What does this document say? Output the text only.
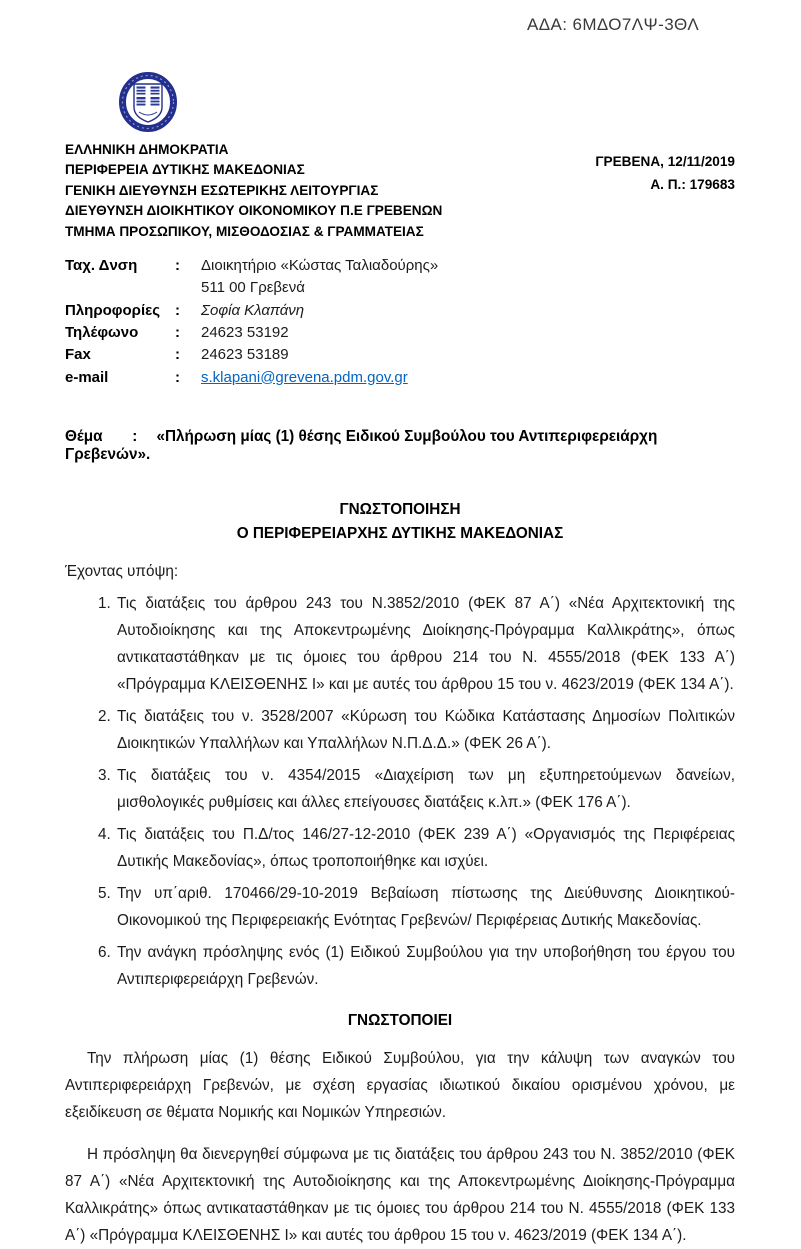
ΑΔΑ: 6ΜΔΟ7ΛΨ-3ΘΛ
ΕΛΛΗΝΙΚΗ ΔΗΜΟΚΡΑΤΙΑ
ΠΕΡΙΦΕΡΕΙΑ ΔΥΤΙΚΗΣ ΜΑΚΕΔΟΝΙΑΣ
ΓΕΝΙΚΗ ΔΙΕΥΘΥΝΣΗ ΕΣΩΤΕΡΙΚΗΣ ΛΕΙΤΟΥΡΓΙΑΣ
ΔΙΕΥΘΥΝΣΗ ΔΙΟΙΚΗΤΙΚΟΥ ΟΙΚΟΝΟΜΙΚΟΥ Π.Ε ΓΡΕΒΕΝΩΝ
ΤΜΗΜΑ ΠΡΟΣΩΠΙΚΟΥ, ΜΙΣΘΟΔΟΣΙΑΣ & ΓΡΑΜΜΑΤΕΙΑΣ
ΓΡΕΒΕΝΑ, 12/11/2019
Α. Π.: 179683
Ταχ. Δνση	:	Διοικητήριο «Κώστας Ταλιαδούρης»
511 00 Γρεβενά
Πληροφορίες :	Σοφία Κλαπάνη
Τηλέφωνο	:	24623 53192
Fax	:	24623 53189
e-mail	:	s.klapani@grevena.pdm.gov.gr
Θέμα : «Πλήρωση μίας (1) θέσης Ειδικού Συμβούλου του Αντιπεριφερειάρχη Γρεβενών».
ΓΝΩΣΤΟΠΟΙΗΣΗ
Ο ΠΕΡΙΦΕΡΕΙΑΡΧΗΣ ΔΥΤΙΚΗΣ ΜΑΚΕΔΟΝΙΑΣ
Έχοντας υπόψη:
1. Τις διατάξεις του άρθρου 243 του Ν.3852/2010 (ΦΕΚ 87 Α΄) «Νέα Αρχιτεκτονική της Αυτοδιοίκησης και της Αποκεντρωμένης Διοίκησης-Πρόγραμμα Καλλικράτης», όπως αντικαταστάθηκαν με τις όμοιες του άρθρου 214 του Ν. 4555/2018 (ΦΕΚ 133 Α΄) «Πρόγραμμα ΚΛΕΙΣΘΕΝΗΣ Ι» και με αυτές του άρθρου 15 του ν. 4623/2019 (ΦΕΚ 134 Α΄).
2. Τις διατάξεις του ν. 3528/2007 «Κύρωση του Κώδικα Κατάστασης Δημοσίων Πολιτικών Διοικητικών Υπαλλήλων και Υπαλλήλων Ν.Π.Δ.Δ.» (ΦΕΚ 26 Α΄).
3. Τις διατάξεις του ν. 4354/2015 «Διαχείριση των μη εξυπηρετούμενων δανείων, μισθολογικές ρυθμίσεις και άλλες επείγουσες διατάξεις κ.λπ.» (ΦΕΚ 176 Α΄).
4. Τις διατάξεις του Π.Δ/τος 146/27-12-2010 (ΦΕΚ 239 Α΄) «Οργανισμός της Περιφέρειας Δυτικής Μακεδονίας», όπως τροποποιήθηκε και ισχύει.
5. Την υπ΄αριθ. 170466/29-10-2019 Βεβαίωση πίστωσης της Διεύθυνσης Διοικητικού-Οικονομικού της Περιφερειακής Ενότητας Γρεβενών/ Περιφέρειας Δυτικής Μακεδονίας.
6. Την ανάγκη πρόσληψης ενός (1) Ειδικού Συμβούλου για την υποβοήθηση του έργου του Αντιπεριφερειάρχη Γρεβενών.
ΓΝΩΣΤΟΠΟΙΕΙ

Την πλήρωση μίας (1) θέσης Ειδικού Συμβούλου, για την κάλυψη των αναγκών του Αντιπεριφερειάρχη Γρεβενών, με σχέση εργασίας ιδιωτικού δικαίου ορισμένου χρόνου, με εξειδίκευση σε θέματα Νομικής και Νομικών Υπηρεσιών.

Η πρόσληψη θα διενεργηθεί σύμφωνα με τις διατάξεις του άρθρου 243 του Ν. 3852/2010 (ΦΕΚ 87 Α΄) «Νέα Αρχιτεκτονική της Αυτοδιοίκησης και της Αποκεντρωμένης Διοίκησης-Πρόγραμμα Καλλικράτης» όπως αντικαταστάθηκαν με τις όμοιες του άρθρου 214 του Ν. 4555/2018 (ΦΕΚ 133 Α΄) «Πρόγραμμα ΚΛΕΙΣΘΕΝΗΣ Ι» και αυτές του άρθρου 15 του ν. 4623/2019 (ΦΕΚ 134 Α΄).
